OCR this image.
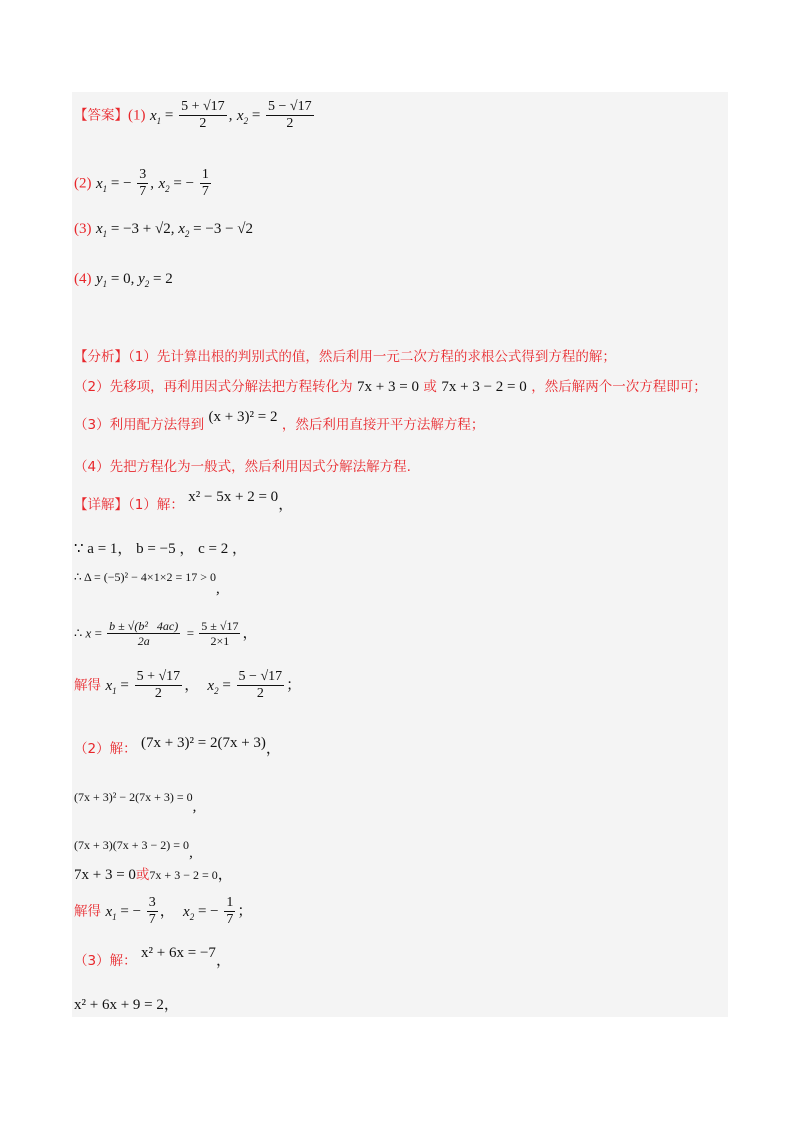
【答案】(1) $x_1 = \frac{5 + √17}{2}$ , $x_2 = \frac{5 - √17}{2}$
(2) $x_1$ = − $\frac{3}{7}$ , $x_2$ = − $\frac{1}{7}$
(3) $x_1 = -3 + √2$, $x_2 = -3 - √2$
(4) $y_1 = 0$, $y_2 = 2$
【分析】（1）先计算出根的判别式的值，然后利用一元二次方程的求根公式得到方程的解；
（2）先移项，再利用因式分解法把方程转化为 7x + 3 = 0 或 7x + 3 − 2 = 0 ，然后解两个一次方程即可；
（3）利用配方法得到 (x + 3)² = 2 ，然后利用直接开平方法解方程；
（4）先把方程化为一般式，然后利用因式分解法解方程.
【详解】（1）解： x² − 5x + 2 = 0，
∵ a = 1， b = −5 ， c = 2 ，
∴ Δ = (−5)² − 4×1×2 = 17 > 0,
∴ $x = \frac{\text{b ± √(b²   4ac)}}{2a} = \frac{5 \pm √17}{2\times 1}$ ，
解得 $x_1 = \frac{5 + √17}{2}$ ，  $x_2 = \frac{5 - √17}{2}$ ；
（2）解： (7x + 3)² = 2(7x + 3)，
(7x + 3)² − 2(7x + 3) = 0,
(7x + 3)(7x + 3 − 2) = 0,
7x + 3 = 0或7x + 3 − 2 = 0，
解得 $x_1$ = − $\frac{3}{7}$ ，  $x_2$ = − $\frac{1}{7}$ ；
（3）解： x² + 6x = −7，
x² + 6x + 9 = 2，
